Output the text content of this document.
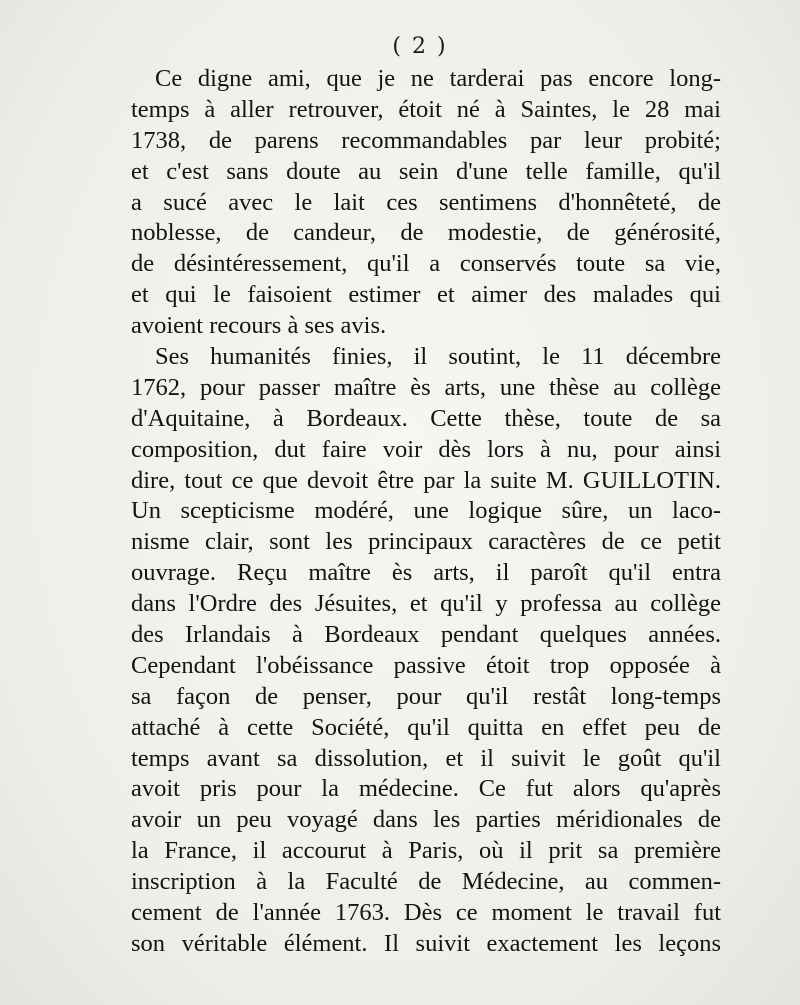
( 2 )
Ce digne ami, que je ne tarderai pas encore long-
temps à aller retrouver, étoit né à Saintes, le 28 mai
1738, de parens recommandables par leur probité;
et c'est sans doute au sein d'une telle famille, qu'il
a sucé avec le lait ces sentimens d'honnêteté, de
noblesse, de candeur, de modestie, de générosité,
de désintéressement, qu'il a conservés toute sa vie,
et qui le faisoient estimer et aimer des malades qui
avoient recours à ses avis.
Ses humanités finies, il soutint, le 11 décembre
1762, pour passer maître ès arts, une thèse au collège
d'Aquitaine, à Bordeaux. Cette thèse, toute de sa
composition, dut faire voir dès lors à nu, pour ainsi
dire, tout ce que devoit être par la suite M. GUILLOTIN.
Un scepticisme modéré, une logique sûre, un laco-
nisme clair, sont les principaux caractères de ce petit
ouvrage. Reçu maître ès arts, il paroît qu'il entra
dans l'Ordre des Jésuites, et qu'il y professa au collège
des Irlandais à Bordeaux pendant quelques années.
Cependant l'obéissance passive étoit trop opposée à
sa façon de penser, pour qu'il restât long-temps
attaché à cette Société, qu'il quitta en effet peu de
temps avant sa dissolution, et il suivit le goût qu'il
avoit pris pour la médecine. Ce fut alors qu'après
avoir un peu voyagé dans les parties méridionales de
la France, il accourut à Paris, où il prit sa première
inscription à la Faculté de Médecine, au commen-
cement de l'année 1763. Dès ce moment le travail fut
son véritable élément. Il suivit exactement les leçons
